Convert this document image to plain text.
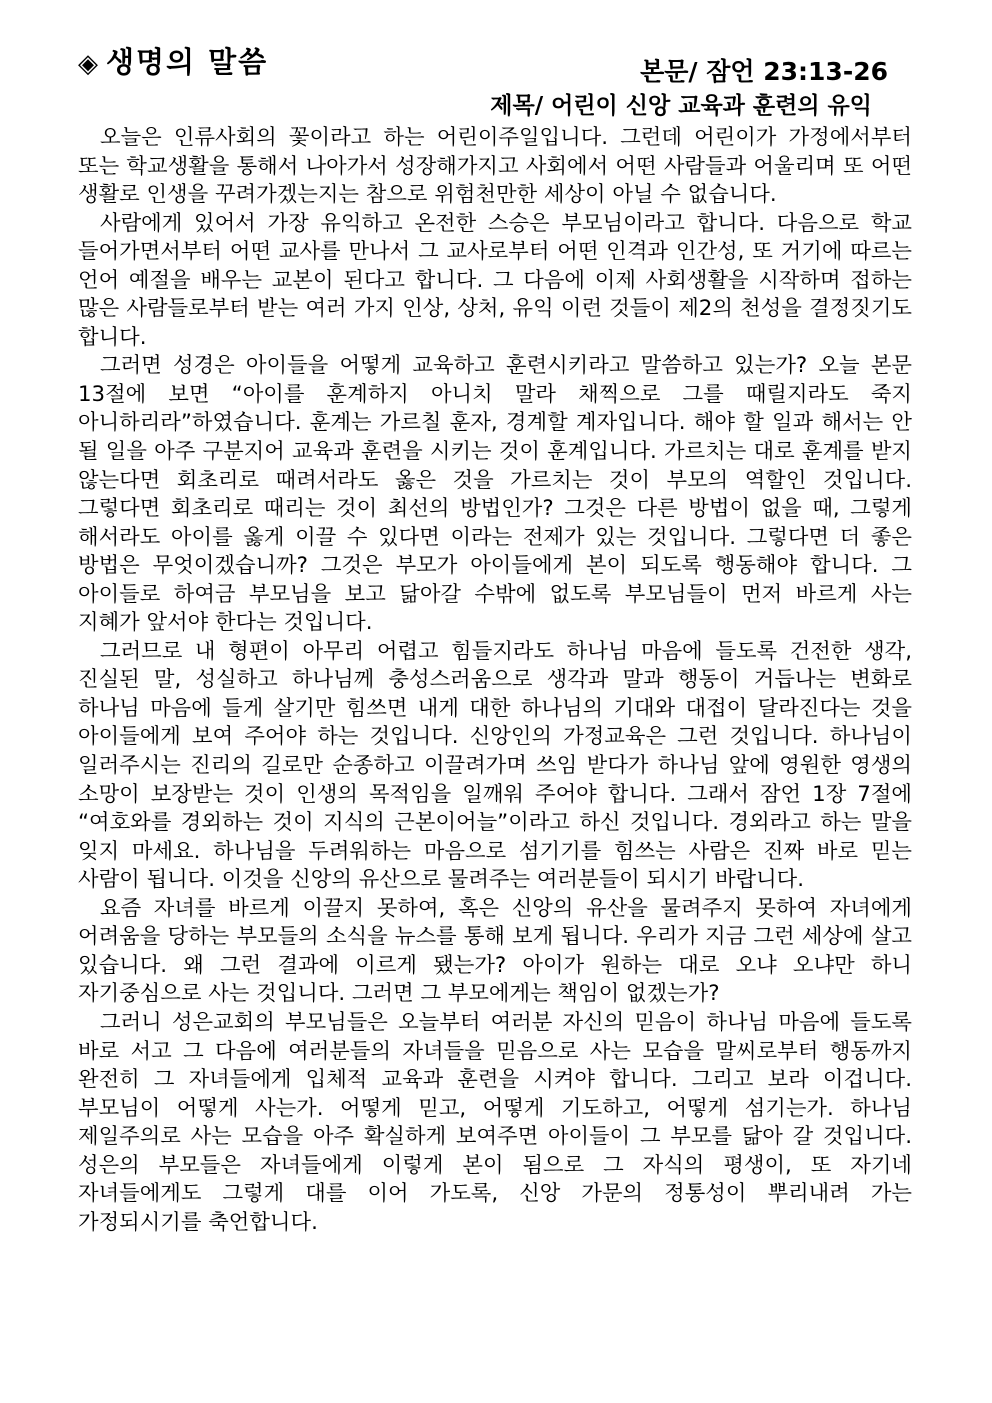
◈ 생명의 말씀	본문/ 잠언 23:13-26
제목/ 어린이 신앙 교육과 훈련의 유익

오늘은 인류사회의 꽃이라고 하는 어린이주일입니다. 그런데 어린이가 가정에서부터 또는 학교생활을 통해서 나아가서 성장해가지고 사회에서 어떤 사람들과 어울리며 또 어떤 생활로 인생을 꾸려가겠는지는 참으로 위험천만한 세상이 아닐 수 없습니다.

사람에게 있어서 가장 유익하고 온전한 스승은 부모님이라고 합니다. 다음으로 학교 들어가면서부터 어떤 교사를 만나서 그 교사로부터 어떤 인격과 인간성, 또 거기에 따르는 언어 예절을 배우는 교본이 된다고 합니다. 그 다음에 이제 사회생활을 시작하며 접하는 많은 사람들로부터 받는 여러 가지 인상, 상처, 유익 이런 것들이 제2의 천성을 결정짓기도 합니다.

그러면 성경은 아이들을 어떻게 교육하고 훈련시키라고 말씀하고 있는가? 오늘 본문 13절에 보면 “아이를 훈계하지 아니치 말라 채찍으로 그를 때릴지라도 죽지 아니하리라”하였습니다. 훈계는 가르칠 훈자, 경계할 계자입니다. 해야 할 일과 해서는 안 될 일을 아주 구분지어 교육과 훈련을 시키는 것이 훈계입니다. 가르치는 대로 훈계를 받지 않는다면 회초리로 때려서라도 옳은 것을 가르치는 것이 부모의 역할인 것입니다. 그렇다면 회초리로 때리는 것이 최선의 방법인가? 그것은 다른 방법이 없을 때, 그렇게 해서라도 아이를 옳게 이끌 수 있다면 이라는 전제가 있는 것입니다. 그렇다면 더 좋은 방법은 무엇이겠습니까? 그것은 부모가 아이들에게 본이 되도록 행동해야 합니다. 그 아이들로 하여금 부모님을 보고 닮아갈 수밖에 없도록 부모님들이 먼저 바르게 사는 지혜가 앞서야 한다는 것입니다.

그러므로 내 형편이 아무리 어렵고 힘들지라도 하나님 마음에 들도록 건전한 생각, 진실된 말, 성실하고 하나님께 충성스러움으로 생각과 말과 행동이 거듭나는 변화로 하나님 마음에 들게 살기만 힘쓰면 내게 대한 하나님의 기대와 대접이 달라진다는 것을 아이들에게 보여 주어야 하는 것입니다. 신앙인의 가정교육은 그런 것입니다. 하나님이 일러주시는 진리의 길로만 순종하고 이끌려가며 쓰임 받다가 하나님 앞에 영원한 영생의 소망이 보장받는 것이 인생의 목적임을 일깨워 주어야 합니다. 그래서 잠언 1장 7절에 “여호와를 경외하는 것이 지식의 근본이어늘”이라고 하신 것입니다. 경외라고 하는 말을 잊지 마세요. 하나님을 두려워하는 마음으로 섬기기를 힘쓰는 사람은 진짜 바로 믿는 사람이 됩니다. 이것을 신앙의 유산으로 물려주는 여러분들이 되시기 바랍니다.

요즘 자녀를 바르게 이끌지 못하여, 혹은 신앙의 유산을 물려주지 못하여 자녀에게 어려움을 당하는 부모들의 소식을 뉴스를 통해 보게 됩니다. 우리가 지금 그런 세상에 살고 있습니다. 왜 그런 결과에 이르게 됐는가? 아이가 원하는 대로 오냐 오냐만 하니 자기중심으로 사는 것입니다. 그러면 그 부모에게는 책임이 없겠는가?

그러니 성은교회의 부모님들은 오늘부터 여러분 자신의 믿음이 하나님 마음에 들도록 바로 서고 그 다음에 여러분들의 자녀들을 믿음으로 사는 모습을 말씨로부터 행동까지 완전히 그 자녀들에게 입체적 교육과 훈련을 시켜야 합니다. 그리고 보라 이겁니다. 부모님이 어떻게 사는가. 어떻게 믿고, 어떻게 기도하고, 어떻게 섬기는가. 하나님 제일주의로 사는 모습을 아주 확실하게 보여주면 아이들이 그 부모를 닮아 갈 것입니다. 성은의 부모들은 자녀들에게 이렇게 본이 됨으로 그 자식의 평생이, 또 자기네 자녀들에게도 그렇게 대를 이어 가도록, 신앙 가문의 정통성이 뿌리내려 가는 가정되시기를 축언합니다.
